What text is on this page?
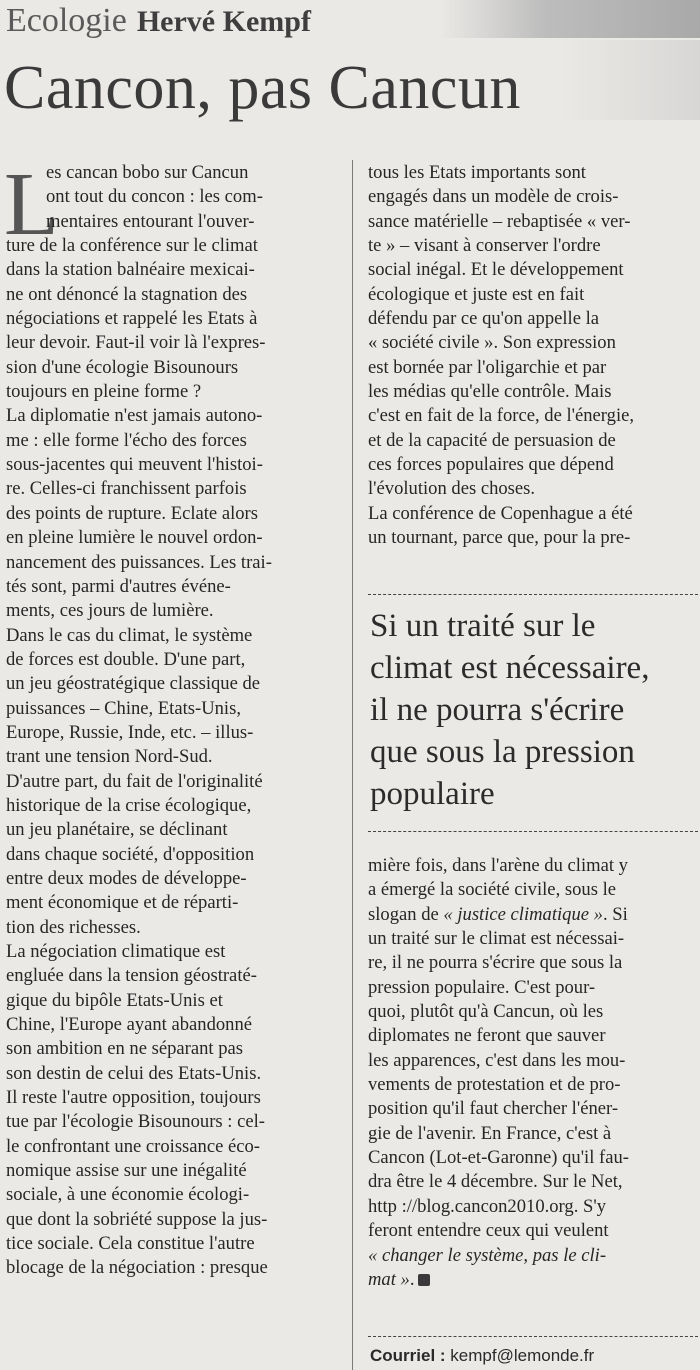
Ecologie Hervé Kempf
Cancon, pas Cancun
L
es cancan bobo sur Cancun
ont tout du concon : les com-
mentaires entourant l'ouver-
ture de la conférence sur le climat
dans la station balnéaire mexicai-
ne ont dénoncé la stagnation des
négociations et rappelé les Etats à
leur devoir. Faut-il voir là l'expres-
sion d'une écologie Bisounours
toujours en pleine forme ?
La diplomatie n'est jamais autono-
me : elle forme l'écho des forces
sous-jacentes qui meuvent l'histoi-
re. Celles-ci franchissent parfois
des points de rupture. Eclate alors
en pleine lumière le nouvel ordon-
nancement des puissances. Les trai-
tés sont, parmi d'autres événe-
ments, ces jours de lumière.
Dans le cas du climat, le système
de forces est double. D'une part,
un jeu géostratégique classique de
puissances – Chine, Etats-Unis,
Europe, Russie, Inde, etc. – illus-
trant une tension Nord-Sud.
D'autre part, du fait de l'originalité
historique de la crise écologique,
un jeu planétaire, se déclinant
dans chaque société, d'opposition
entre deux modes de développe-
ment économique et de réparti-
tion des richesses.
La négociation climatique est
engluée dans la tension géostraté-
gique du bipôle Etats-Unis et
Chine, l'Europe ayant abandonné
son ambition en ne séparant pas
son destin de celui des Etats-Unis.
Il reste l'autre opposition, toujours
tue par l'écologie Bisounours : cel-
le confrontant une croissance éco-
nomique assise sur une inégalité
sociale, à une économie écologi-
que dont la sobriété suppose la jus-
tice sociale. Cela constitue l'autre
blocage de la négociation : presque
tous les Etats importants sont
engagés dans un modèle de crois-
sance matérielle – rebaptisée « ver-
te » – visant à conserver l'ordre
social inégal. Et le développement
écologique et juste est en fait
défendu par ce qu'on appelle la
« société civile ». Son expression
est bornée par l'oligarchie et par
les médias qu'elle contrôle. Mais
c'est en fait de la force, de l'énergie,
et de la capacité de persuasion de
ces forces populaires que dépend
l'évolution des choses.
La conférence de Copenhague a été
un tournant, parce que, pour la pre-
Si un traité sur le
climat est nécessaire,
il ne pourra s'écrire
que sous la pression
populaire
mière fois, dans l'arène du climat y
a émergé la société civile, sous le
slogan de « justice climatique ». Si
un traité sur le climat est nécessai-
re, il ne pourra s'écrire que sous la
pression populaire. C'est pour-
quoi, plutôt qu'à Cancun, où les
diplomates ne feront que sauver
les apparences, c'est dans les mou-
vements de protestation et de pro-
position qu'il faut chercher l'éner-
gie de l'avenir. En France, c'est à
Cancon (Lot-et-Garonne) qu'il fau-
dra être le 4 décembre. Sur le Net,
http ://blog.cancon2010.org. S'y
feront entendre ceux qui veulent
« changer le système, pas le cli-
mat ».
Courriel : kempf@lemonde.fr
